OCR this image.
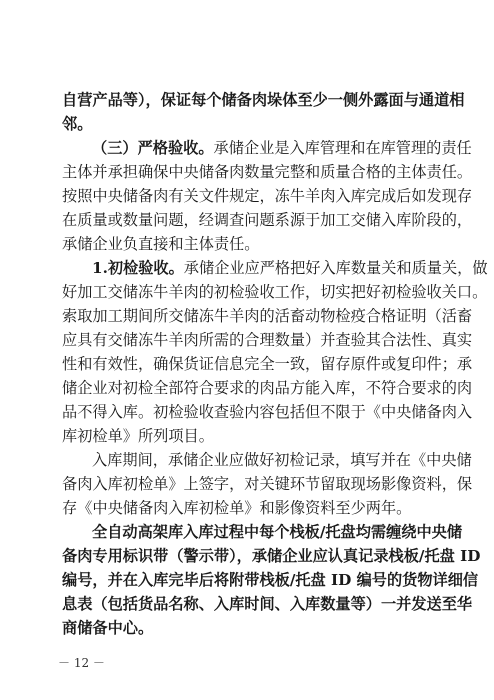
自营产品等），保证每个储备肉垛体至少一侧外露面与通道相
邻。
（三）严格验收。承储企业是入库管理和在库管理的责任
主体并承担确保中央储备肉数量完整和质量合格的主体责任。
按照中央储备肉有关文件规定，冻牛羊肉入库完成后如发现存
在质量或数量问题，经调查问题系源于加工交储入库阶段的，
承储企业负直接和主体责任。
1.初检验收。承储企业应严格把好入库数量关和质量关，做
好加工交储冻牛羊肉的初检验收工作，切实把好初检验收关口。
索取加工期间所交储冻牛羊肉的活畜动物检疫合格证明（活畜
应具有交储冻牛羊肉所需的合理数量）并查验其合法性、真实
性和有效性，确保货证信息完全一致，留存原件或复印件；承
储企业对初检全部符合要求的肉品方能入库，不符合要求的肉
品不得入库。初检验收查验内容包括但不限于《中央储备肉入
库初检单》所列项目。
入库期间，承储企业应做好初检记录，填写并在《中央储
备肉入库初检单》上签字，对关键环节留取现场影像资料，保
存《中央储备肉入库初检单》和影像资料至少两年。
全自动高架库入库过程中每个栈板/托盘均需缠绕中央储
备肉专用标识带（警示带），承储企业应认真记录栈板/托盘 ID
编号，并在入库完毕后将附带栈板/托盘 ID 编号的货物详细信
息表（包括货品名称、入库时间、入库数量等）一并发送至华
商储备中心。
－ 12 －
